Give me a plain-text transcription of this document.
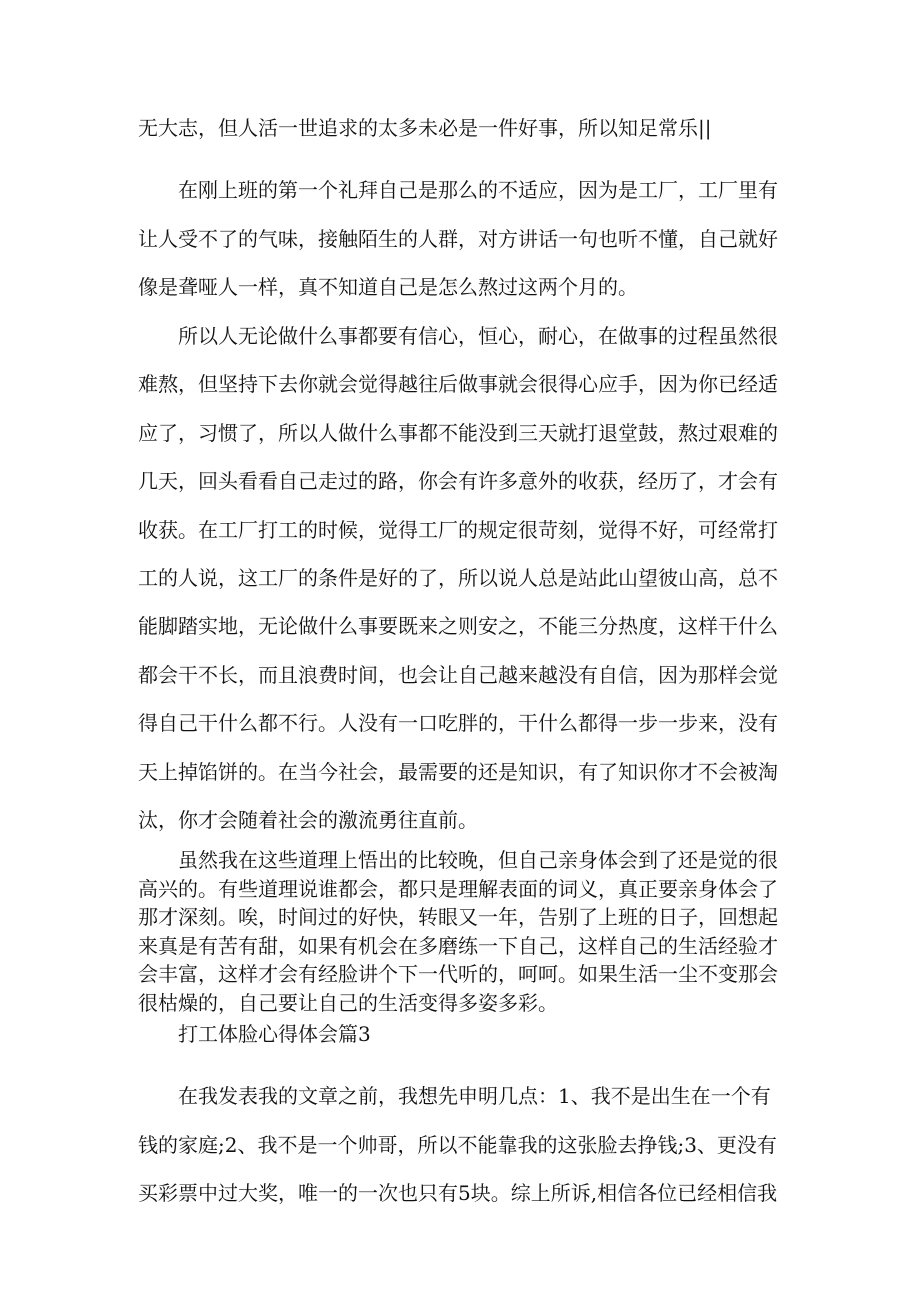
无大志，但人活一世追求的太多未必是一件好事，所以知足常乐||

在刚上班的第一个礼拜自己是那么的不适应，因为是工厂，工厂里有
让人受不了的气味，接触陌生的人群，对方讲话一句也听不懂，自己就好
像是聋哑人一样，真不知道自己是怎么熬过这两个月的。

所以人无论做什么事都要有信心，恒心，耐心，在做事的过程虽然很
难熬，但坚持下去你就会觉得越往后做事就会很得心应手，因为你已经适
应了，习惯了，所以人做什么事都不能没到三天就打退堂鼓，熬过艰难的
几天，回头看看自己走过的路，你会有许多意外的收获，经历了，才会有
收获。在工厂打工的时候，觉得工厂的规定很苛刻，觉得不好，可经常打
工的人说，这工厂的条件是好的了，所以说人总是站此山望彼山高，总不
能脚踏实地，无论做什么事要既来之则安之，不能三分热度，这样干什么
都会干不长，而且浪费时间，也会让自己越来越没有自信，因为那样会觉
得自己干什么都不行。人没有一口吃胖的，干什么都得一步一步来，没有
天上掉馅饼的。在当今社会，最需要的还是知识，有了知识你才不会被淘
汰，你才会随着社会的激流勇往直前。

虽然我在这些道理上悟出的比较晚，但自己亲身体会到了还是觉的很
高兴的。有些道理说谁都会，都只是理解表面的词义，真正要亲身体会了
那才深刻。唉，时间过的好快，转眼又一年，告别了上班的日子，回想起
来真是有苦有甜，如果有机会在多磨练一下自己，这样自己的生活经验才
会丰富，这样才会有经脸讲个下一代听的，呵呵。如果生活一尘不变那会
很枯燥的，自己要让自己的生活变得多姿多彩。

打工体脸心得体会篇3

在我发表我的文章之前，我想先申明几点：1、我不是出生在一个有
钱的家庭;2、我不是一个帅哥，所以不能靠我的这张脸去挣钱;3、更没有
买彩票中过大奖，唯一的一次也只有5块。综上所诉,相信各位已经相信我
